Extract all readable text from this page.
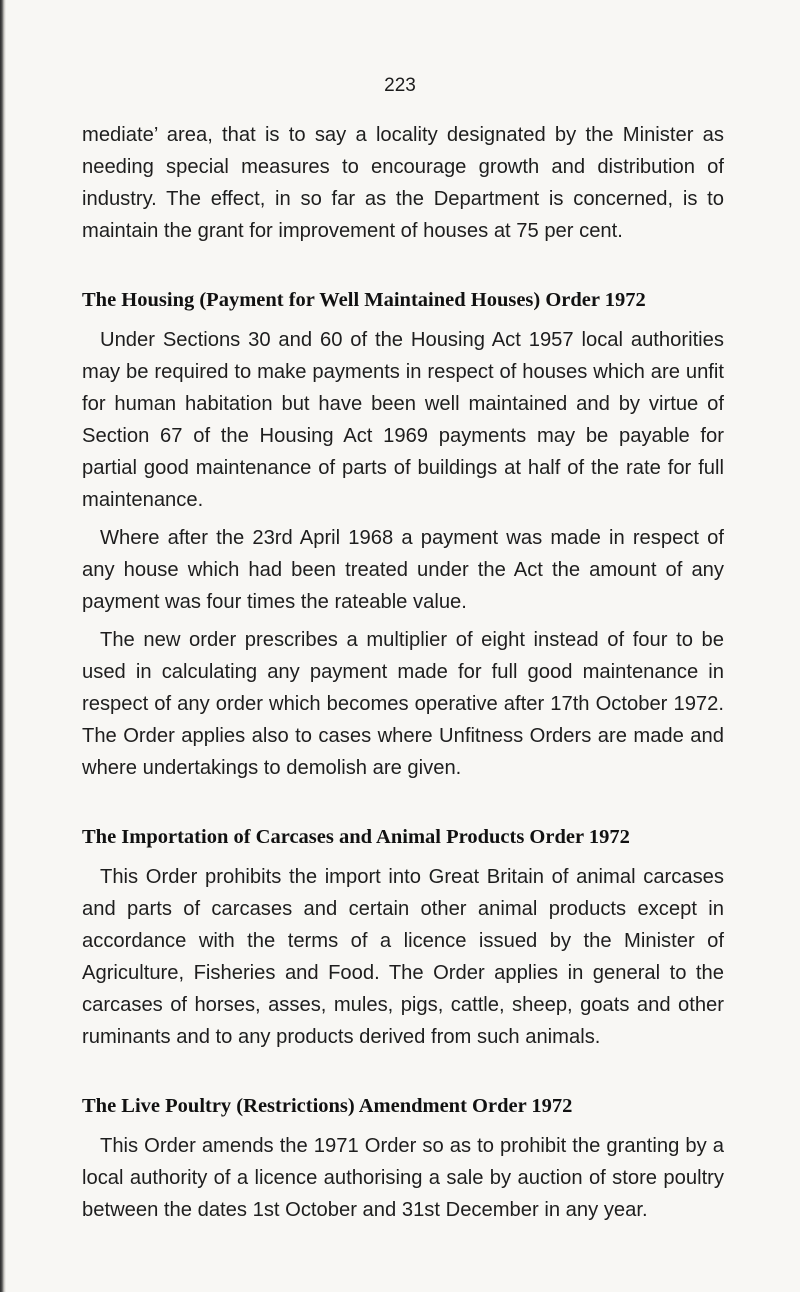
223

mediate’ area, that is to say a locality designated by the Minister as needing special measures to encourage growth and distribution of industry. The effect, in so far as the Department is concerned, is to maintain the grant for improvement of houses at 75 per cent.

The Housing (Payment for Well Maintained Houses) Order 1972

Under Sections 30 and 60 of the Housing Act 1957 local authorities may be required to make payments in respect of houses which are unfit for human habitation but have been well maintained and by virtue of Section 67 of the Housing Act 1969 payments may be payable for partial good maintenance of parts of buildings at half of the rate for full maintenance.

Where after the 23rd April 1968 a payment was made in respect of any house which had been treated under the Act the amount of any payment was four times the rateable value.

The new order prescribes a multiplier of eight instead of four to be used in calculating any payment made for full good maintenance in respect of any order which becomes operative after 17th October 1972. The Order applies also to cases where Unfitness Orders are made and where undertakings to demolish are given.

The Importation of Carcases and Animal Products Order 1972

This Order prohibits the import into Great Britain of animal carcases and parts of carcases and certain other animal products except in accordance with the terms of a licence issued by the Minister of Agriculture, Fisheries and Food. The Order applies in general to the carcases of horses, asses, mules, pigs, cattle, sheep, goats and other ruminants and to any products derived from such animals.

The Live Poultry (Restrictions) Amendment Order 1972

This Order amends the 1971 Order so as to prohibit the granting by a local authority of a licence authorising a sale by auction of store poultry between the dates 1st October and 31st December in any year.
